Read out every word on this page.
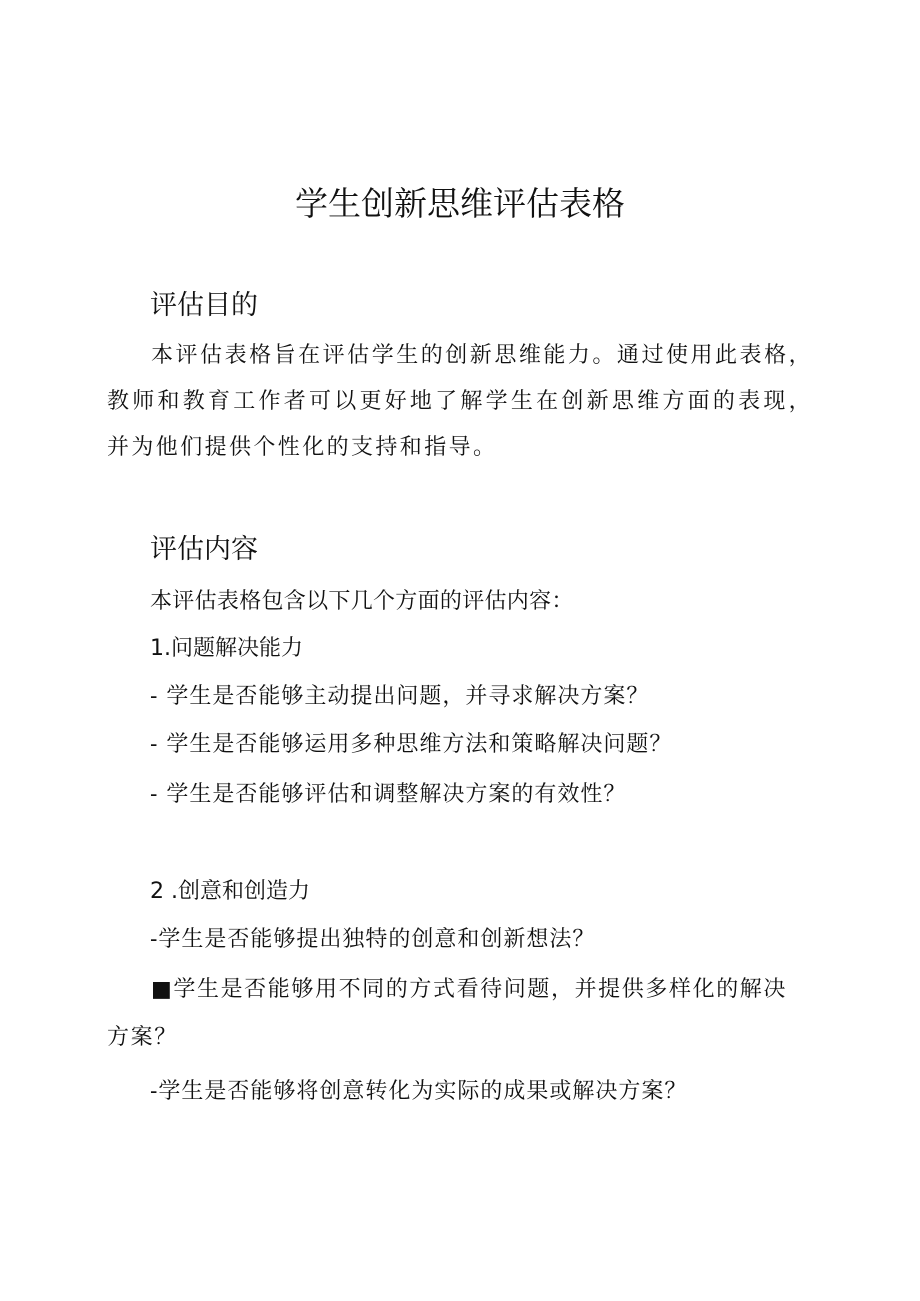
学生创新思维评估表格
评估目的
本评估表格旨在评估学生的创新思维能力。通过使用此表格，教师和教育工作者可以更好地了解学生在创新思维方面的表现，并为他们提供个性化的支持和指导。
评估内容
本评估表格包含以下几个方面的评估内容：
1.问题解决能力
- 学生是否能够主动提出问题，并寻求解决方案？
- 学生是否能够运用多种思维方法和策略解决问题？
- 学生是否能够评估和调整解决方案的有效性？
2 .创意和创造力
-学生是否能够提出独特的创意和创新想法？
■学生是否能够用不同的方式看待问题，并提供多样化的解决方案？
-学生是否能够将创意转化为实际的成果或解决方案？
